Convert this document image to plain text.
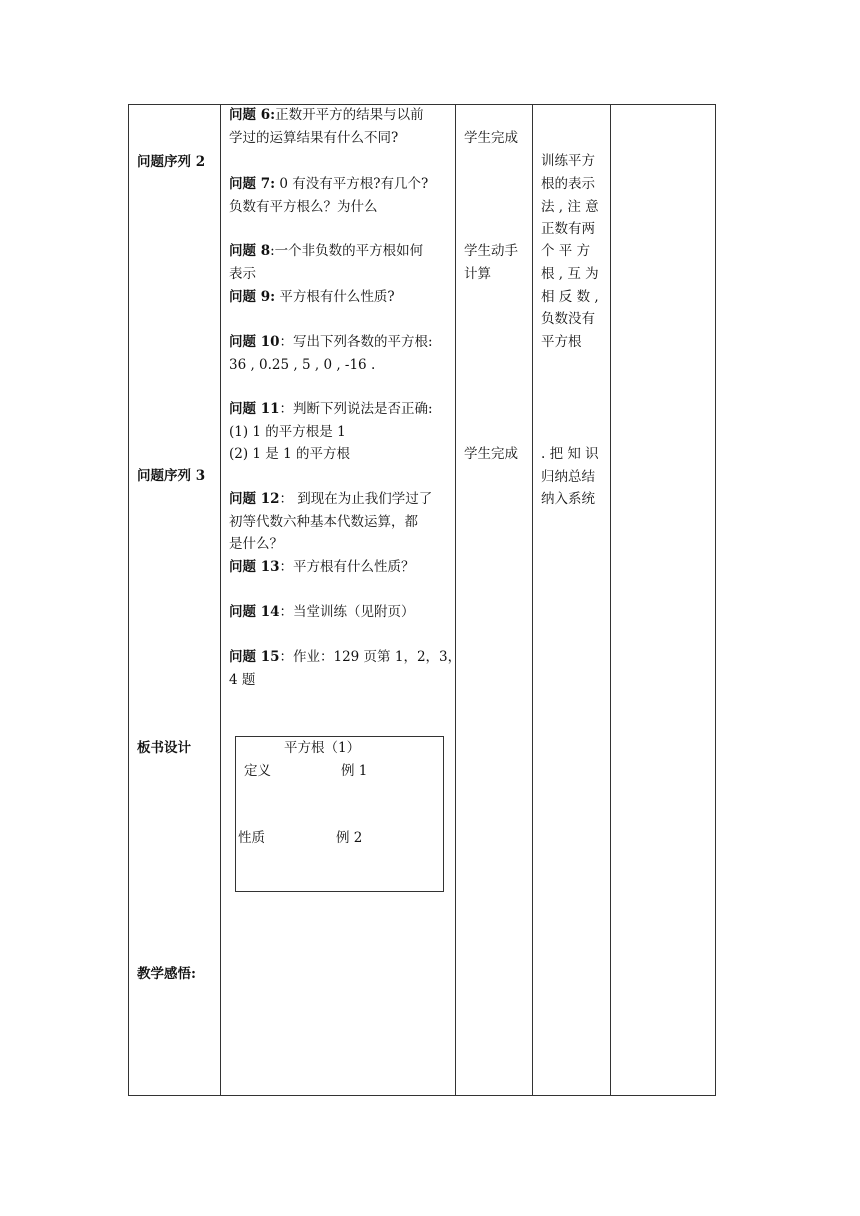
问题序列 2
问题序列 3
板书设计
教学感悟:
问题 6:正数开平方的结果与以前
学过的运算结果有什么不同?
问题 7: 0 有没有平方根?有几个?
负数有平方根么？为什么
问题 8:一个非负数的平方根如何
表示
问题 9: 平方根有什么性质?
问题 10：写出下列各数的平方根:
36 , 0.25 , 5 , 0 , -16 .
问题 11：判断下列说法是否正确:
(1) 1 的平方根是 1
(2) 1 是 1 的平方根
问题 12： 到现在为止我们学过了
初等代数六种基本代数运算，都
是什么？
问题 13：平方根有什么性质？
问题 14：当堂训练（见附页）
问题 15：作业：129 页第 1，2，3，
4 题
平方根（1）
定义	例 1
性质	例 2
学生完成
学生动手
计算
学生完成
训练平方
根的表示
法 , 注 意
正数有两
个 平 方
根 , 互 为
相 反 数 ,
负数没有
平方根
. 把 知 识
归纳总结
纳入系统
